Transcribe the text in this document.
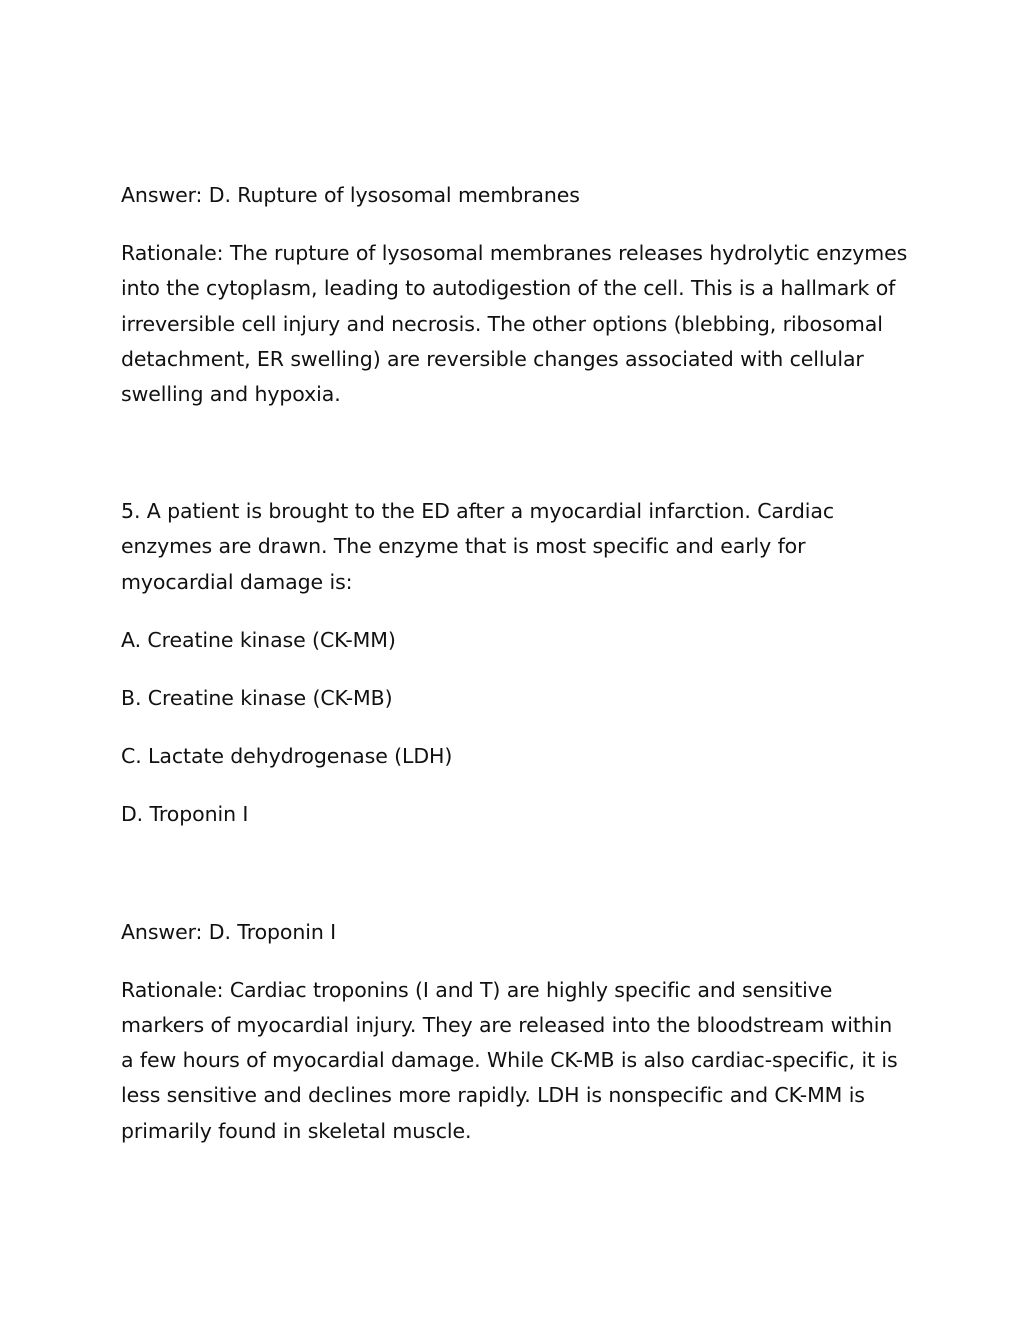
Answer: D. Rupture of lysosomal membranes

Rationale: The rupture of lysosomal membranes releases hydrolytic enzymes into the cytoplasm, leading to autodigestion of the cell. This is a hallmark of irreversible cell injury and necrosis. The other options (blebbing, ribosomal detachment, ER swelling) are reversible changes associated with cellular swelling and hypoxia.

5. A patient is brought to the ED after a myocardial infarction. Cardiac enzymes are drawn. The enzyme that is most specific and early for myocardial damage is:

A. Creatine kinase (CK-MM)

B. Creatine kinase (CK-MB)

C. Lactate dehydrogenase (LDH)

D. Troponin I

Answer: D. Troponin I

Rationale: Cardiac troponins (I and T) are highly specific and sensitive markers of myocardial injury. They are released into the bloodstream within a few hours of myocardial damage. While CK-MB is also cardiac-specific, it is less sensitive and declines more rapidly. LDH is nonspecific and CK-MM is primarily found in skeletal muscle.
